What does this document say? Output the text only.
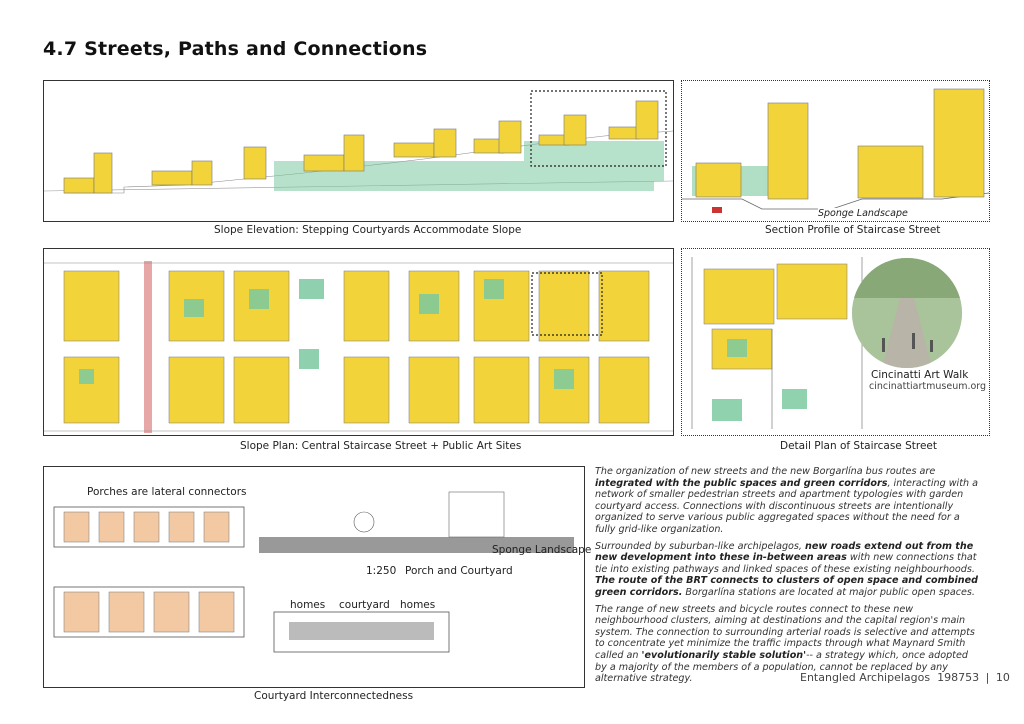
4.7 Streets, Paths and Connections
Slope Elevation: Stepping Courtyards Accommodate Slope
Sponge Landscape
Section Profile of Staircase Street
Slope Plan: Central Staircase Street + Public Art Sites
Cincinatti Art Walk
cincinattiartmuseum.org
Detail Plan of Staircase Street
Porches are lateral connectors
Sponge Landscape
1:250 Porch and Courtyard
homes courtyard homes
Courtyard Interconnectedness

The organization of new streets and the new Borgarlína bus routes are integrated with the public spaces and green corridors, interacting with a network of smaller pedestrian streets and apartment typologies with garden courtyard access. Connections with discontinuous streets are intentionally organized to serve various public aggregated spaces without the need for a fully grid-like organization.

Surrounded by suburban-like archipelagos, new roads extend out from the new development into these in-between areas with new connections that tie into existing pathways and linked spaces of these existing neighbourhoods. The route of the BRT connects to clusters of open space and combined green corridors. Borgarlína stations are located at major public open spaces.

The range of new streets and bicycle routes connect to these new neighbourhood clusters, aiming at destinations and the capital region's main system. The connection to surrounding arterial roads is selective and attempts to concentrate yet minimize the traffic impacts through what Maynard Smith called an 'evolutionarily stable solution'-- a strategy which, once adopted by a majority of the members of a population, cannot be replaced by any alternative strategy.	Entangled Archipelagos 198753 | 10
